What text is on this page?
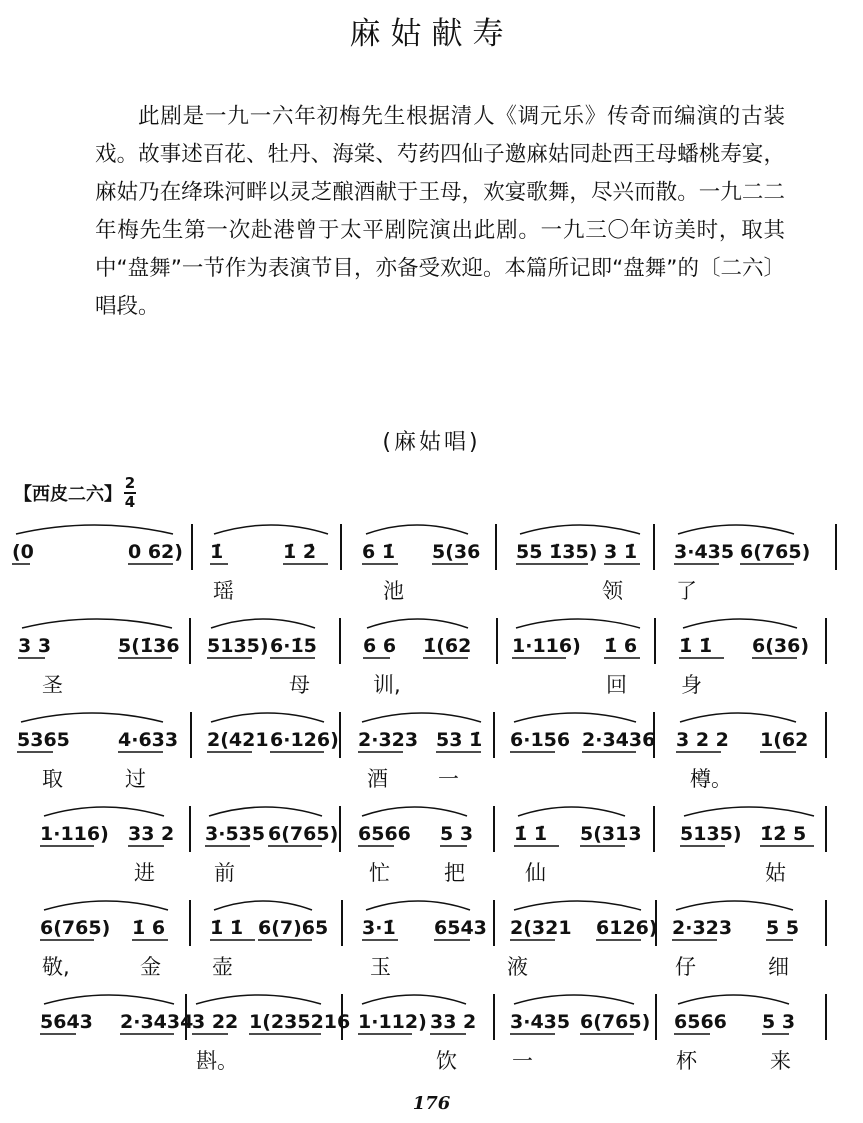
麻姑献寿

此剧是一九一六年初梅先生根据清人《调元乐》传奇而编演的古装戏。故事述百花、牡丹、海棠、芍药四仙子邀麻姑同赴西王母蟠桃寿宴，麻姑乃在绛珠河畔以灵芝酿酒献于王母，欢宴歌舞，尽兴而散。一九二二年梅先生第一次赴港曾于太平剧院演出此剧。一九三〇年访美时，取其中“盘舞”一节作为表演节目，亦备受欢迎。本篇所记即“盘舞”的〔二六〕唱段。

(麻姑唱)
【西皮二六】
2
4
(0	0 62) 1̇	1̇ 2̇ 6 1̇ 5(36 55 1̇35) 3 1̇ 3·435 6(765)
瑶	池	领	了
3 3	5(1̇36 5135) 6·1̇5 6 6 1̇(62 1·116) 1̇ 6 1̇ 1̇ 6(36)
圣	母	训,	回	身
5365	4·633 2(421 6·126) 2·323 53 1̇ 6·156 2·3436 3 2 2 1(62
取	过	酒 一	樽。
1·116) 33 2 3·535 6(765) 6566 5 3 1̇ 1̇ 5(313 5135) 1̇2̇ 5
进	前	忙	把	仙	姑
6(765) 1̇ 6 1̇ 1̇ 6(7)65 3·1̇ 6543 2(321 6126) 2·323 5 5
敬,	金 壶	玉	液	仔	细
5643 2·3434
3 22 1(235216 1·112) 33 2 3·435 6(765) 6566 5 3
斟。	饮	一	杯	来
176
